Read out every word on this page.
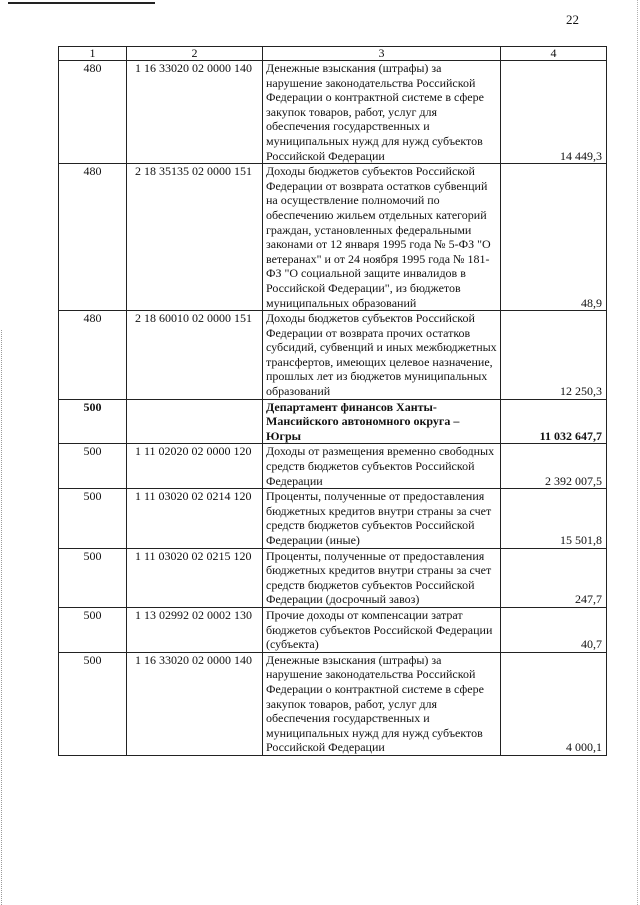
22
1	2	3	4
480	1 16 33020 02 0000 140	Денежные взыскания (штрафы) за нарушение законодательства Российской Федерации о контрактной системе в сфере закупок товаров, работ, услуг для обеспечения государственных и муниципальных нужд для нужд субъектов Российской Федерации	14 449,3
480	2 18 35135 02 0000 151	Доходы бюджетов субъектов Российской Федерации от возврата остатков субвенций на осуществление полномочий по обеспечению жильем отдельных категорий граждан, установленных федеральными законами от 12 января 1995 года № 5-ФЗ "О ветеранах" и от 24 ноября 1995 года № 181-ФЗ "О социальной защите инвалидов в Российской Федерации", из бюджетов муниципальных образований	48,9
480	2 18 60010 02 0000 151	Доходы бюджетов субъектов Российской Федерации от возврата прочих остатков субсидий, субвенций и иных межбюджетных трансфертов, имеющих целевое назначение, прошлых лет из бюджетов муниципальных образований	12 250,3
500		Департамент финансов Ханты-Мансийского автономного округа – Югры	11 032 647,7
500	1 11 02020 02 0000 120	Доходы от размещения временно свободных средств бюджетов субъектов Российской Федерации	2 392 007,5
500	1 11 03020 02 0214 120	Проценты, полученные от предоставления бюджетных кредитов внутри страны за счет средств бюджетов субъектов Российской Федерации (иные)	15 501,8
500	1 11 03020 02 0215 120	Проценты, полученные от предоставления бюджетных кредитов внутри страны за счет средств бюджетов субъектов Российской Федерации (досрочный завоз)	247,7
500	1 13 02992 02 0002 130	Прочие доходы от компенсации затрат бюджетов субъектов Российской Федерации (субъекта)	40,7
500	1 16 33020 02 0000 140	Денежные взыскания (штрафы) за нарушение законодательства Российской Федерации о контрактной системе в сфере закупок товаров, работ, услуг для обеспечения государственных и муниципальных нужд для нужд субъектов Российской Федерации	4 000,1
